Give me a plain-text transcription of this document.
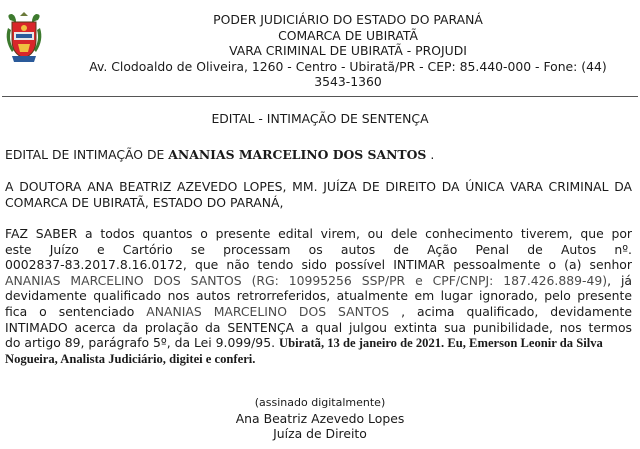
PODER JUDICIÁRIO DO ESTADO DO PARANÁ
COMARCA DE UBIRATÃ
VARA CRIMINAL DE UBIRATÃ - PROJUDI
Av. Clodoaldo de Oliveira, 1260 - Centro - Ubiratã/PR - CEP: 85.440-000 - Fone: (44)
3543-1360
EDITAL - INTIMAÇÃO DE SENTENÇA
EDITAL DE INTIMAÇÃO DE ANANIAS MARCELINO DOS SANTOS .
A DOUTORA ANA BEATRIZ AZEVEDO LOPES, MM. JUÍZA DE DIREITO DA ÚNICA VARA CRIMINAL DA COMARCA DE UBIRATÃ, ESTADO DO PARANÁ,
FAZ SABER a todos quantos o presente edital virem, ou dele conhecimento tiverem, que por
este Juízo e Cartório se processam os autos de Ação Penal de Autos nº.
0002837-83.2017.8.16.0172, que não tendo sido possível INTIMAR pessoalmente o (a) senhor
ANANIAS MARCELINO DOS SANTOS (RG: 10995256 SSP/PR e CPF/CNPJ: 187.426.889-49), já
devidamente qualificado nos autos retrorreferidos, atualmente em lugar ignorado, pelo presente
fica o sentenciado ANANIAS MARCELINO DOS SANTOS , acima qualificado, devidamente
INTIMADO acerca da prolação da SENTENÇA a qual julgou extinta sua punibilidade, nos termos
do artigo 89, parágrafo 5º, da Lei 9.099/95. Ubiratã, 13 de janeiro de 2021. Eu, Emerson Leonir da Silva
Nogueira, Analista Judiciário, digitei e conferi.
(assinado digitalmente)
Ana Beatriz Azevedo Lopes
Juíza de Direito
